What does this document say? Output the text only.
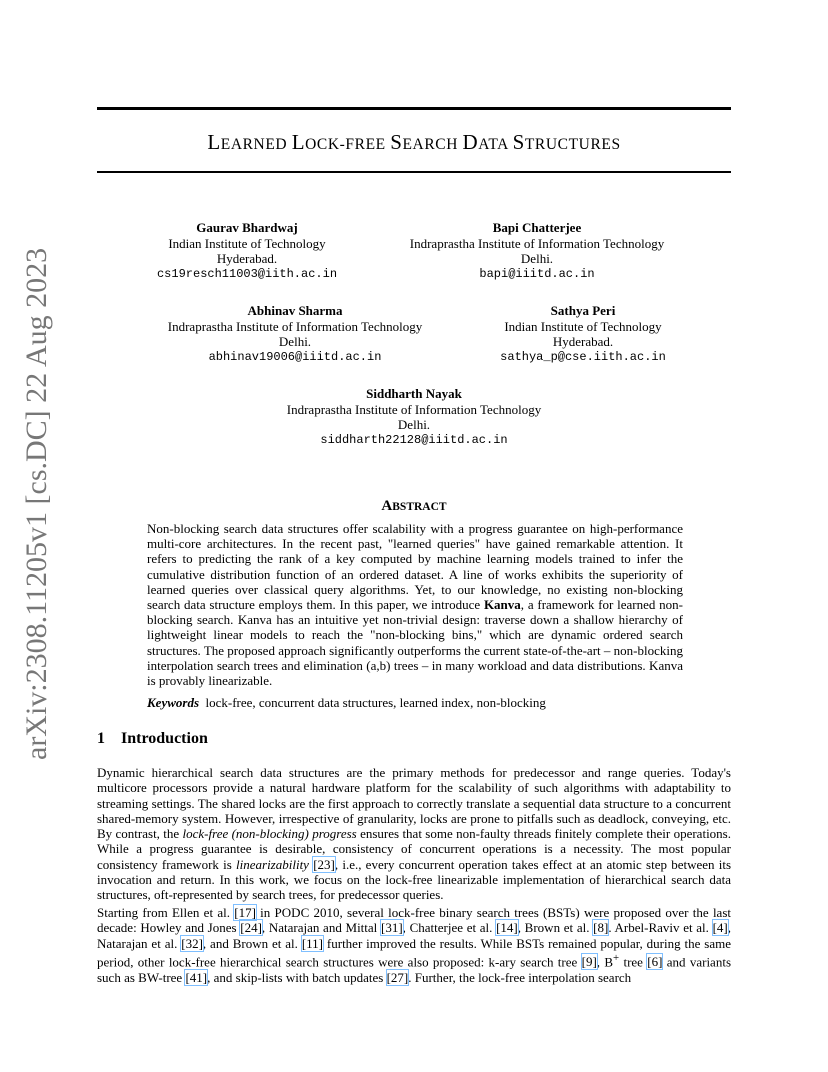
arXiv:2308.11205v1 [cs.DC] 22 Aug 2023
LEARNED LOCK-FREE SEARCH DATA STRUCTURES
Gaurav Bhardwaj
Indian Institute of Technology
Hyderabad.
cs19resch11003@iith.ac.in
Bapi Chatterjee
Indraprastha Institute of Information Technology
Delhi.
bapi@iiitd.ac.in
Abhinav Sharma
Indraprastha Institute of Information Technology
Delhi.
abhinav19006@iiitd.ac.in
Sathya Peri
Indian Institute of Technology
Hyderabad.
sathya_p@cse.iith.ac.in
Siddharth Nayak
Indraprastha Institute of Information Technology
Delhi.
siddharth22128@iiitd.ac.in
ABSTRACT
Non-blocking search data structures offer scalability with a progress guarantee on high-performance multi-core architectures. In the recent past, "learned queries" have gained remarkable attention. It refers to predicting the rank of a key computed by machine learning models trained to infer the cumulative distribution function of an ordered dataset. A line of works exhibits the superiority of learned queries over classical query algorithms. Yet, to our knowledge, no existing non-blocking search data structure employs them. In this paper, we introduce Kanva, a framework for learned non-blocking search. Kanva has an intuitive yet non-trivial design: traverse down a shallow hierarchy of lightweight linear models to reach the "non-blocking bins," which are dynamic ordered search structures. The proposed approach significantly outperforms the current state-of-the-art – non-blocking interpolation search trees and elimination (a,b) trees – in many workload and data distributions. Kanva is provably linearizable.
Keywords lock-free, concurrent data structures, learned index, non-blocking
1 Introduction
Dynamic hierarchical search data structures are the primary methods for predecessor and range queries. Today's multicore processors provide a natural hardware platform for the scalability of such algorithms with adaptability to streaming settings. The shared locks are the first approach to correctly translate a sequential data structure to a concurrent shared-memory system. However, irrespective of granularity, locks are prone to pitfalls such as deadlock, conveying, etc. By contrast, the lock-free (non-blocking) progress ensures that some non-faulty threads finitely complete their operations. While a progress guarantee is desirable, consistency of concurrent operations is a necessity. The most popular consistency framework is linearizability [23], i.e., every concurrent operation takes effect at an atomic step between its invocation and return. In this work, we focus on the lock-free linearizable implementation of hierarchical search data structures, oft-represented by search trees, for predecessor queries.
Starting from Ellen et al. [17] in PODC 2010, several lock-free binary search trees (BSTs) were proposed over the last decade: Howley and Jones [24], Natarajan and Mittal [31], Chatterjee et al. [14], Brown et al. [8]. Arbel-Raviv et al. [4], Natarajan et al. [32], and Brown et al. [11] further improved the results. While BSTs remained popular, during the same period, other lock-free hierarchical search structures were also proposed: k-ary search tree [9], B+ tree [6] and variants such as BW-tree [41], and skip-lists with batch updates [27]. Further, the lock-free interpolation search
